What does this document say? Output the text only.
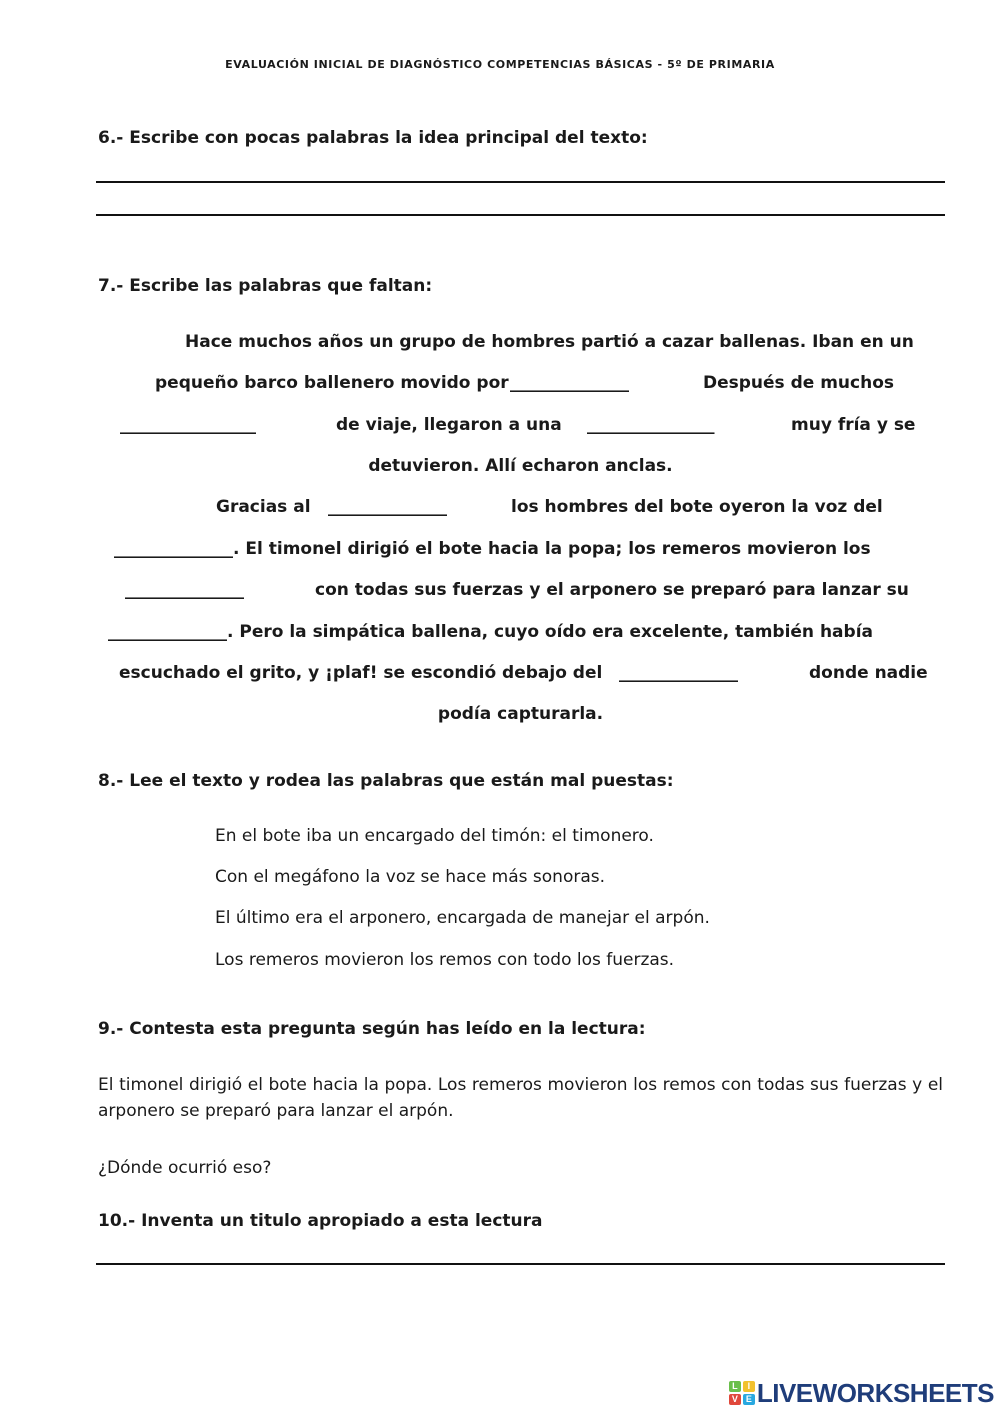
EVALUACIÓN INICIAL DE DIAGNÓSTICO COMPETENCIAS BÁSICAS - 5º DE PRIMARIA
6.- Escribe con pocas palabras la idea principal del texto:
7.- Escribe las palabras que faltan:
Hace muchos años un grupo de hombres partió a cazar ballenas. Iban en un
pequeño barco ballenero movido por ______________	Después de muchos
________________	de viaje, llegaron a una _______________	muy fría y se
detuvieron. Allí echaron anclas.
Gracias al ______________	los hombres del bote oyeron la voz del
______________. El timonel dirigió el bote hacia la popa; los remeros movieron los
______________	con todas sus fuerzas y el arponero se preparó para lanzar su
______________. Pero la simpática ballena, cuyo oído era excelente, también había
escuchado el grito, y ¡plaf! se escondió debajo del ______________	donde nadie
podía capturarla.
8.- Lee el texto y rodea las palabras que están mal puestas:
En el bote iba un encargado del timón: el timonero.
Con el megáfono la voz se hace más sonoras.
El último era el arponero, encargada de manejar el arpón.
Los remeros movieron los remos con todo los fuerzas.
9.- Contesta esta pregunta según has leído en la lectura:
El timonel dirigió el bote hacia la popa. Los remeros movieron los remos con todas sus fuerzas y el arponero se preparó para lanzar el arpón.
¿Dónde ocurrió eso?
10.- Inventa un titulo apropiado a esta lectura
L	I
V E LIVEWORKSHEETS
